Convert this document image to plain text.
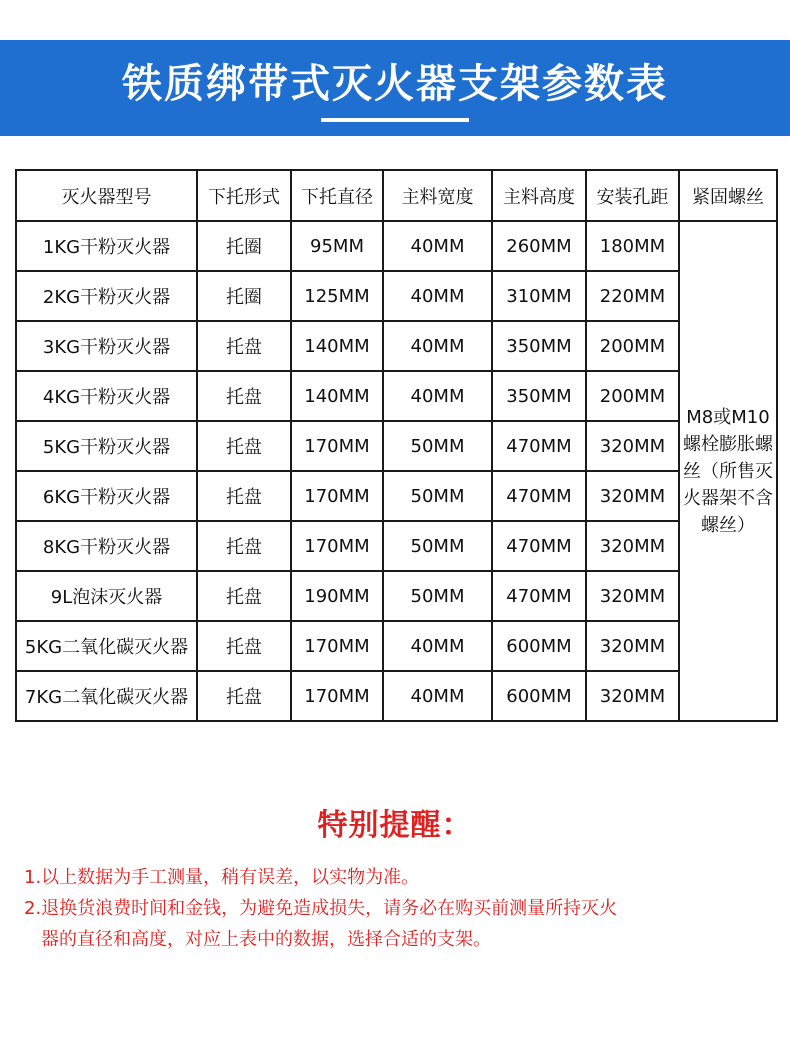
铁质绑带式灭火器支架参数表
灭火器型号	下托形式	下托直径	主料宽度	主料高度	安装孔距	紧固螺丝
1KG干粉灭火器	托圈	95MM	40MM	260MM	180MM	M8或M10螺栓膨胀螺丝（所售灭火器架不含螺丝）
2KG干粉灭火器	托圈	125MM	40MM	310MM	220MM	
3KG干粉灭火器	托盘	140MM	40MM	350MM	200MM	
4KG干粉灭火器	托盘	140MM	40MM	350MM	200MM	
5KG干粉灭火器	托盘	170MM	50MM	470MM	320MM	
6KG干粉灭火器	托盘	170MM	50MM	470MM	320MM	
8KG干粉灭火器	托盘	170MM	50MM	470MM	320MM	
9L泡沫灭火器	托盘	190MM	50MM	470MM	320MM	
5KG二氧化碳灭火器	托盘	170MM	40MM	600MM	320MM	
7KG二氧化碳灭火器	托盘	170MM	40MM	600MM	320MM	
特别提醒：
1.以上数据为手工测量，稍有误差，以实物为准。
2.退换货浪费时间和金钱，为避免造成损失，请务必在购买前测量所持灭火
器的直径和高度，对应上表中的数据，选择合适的支架。
